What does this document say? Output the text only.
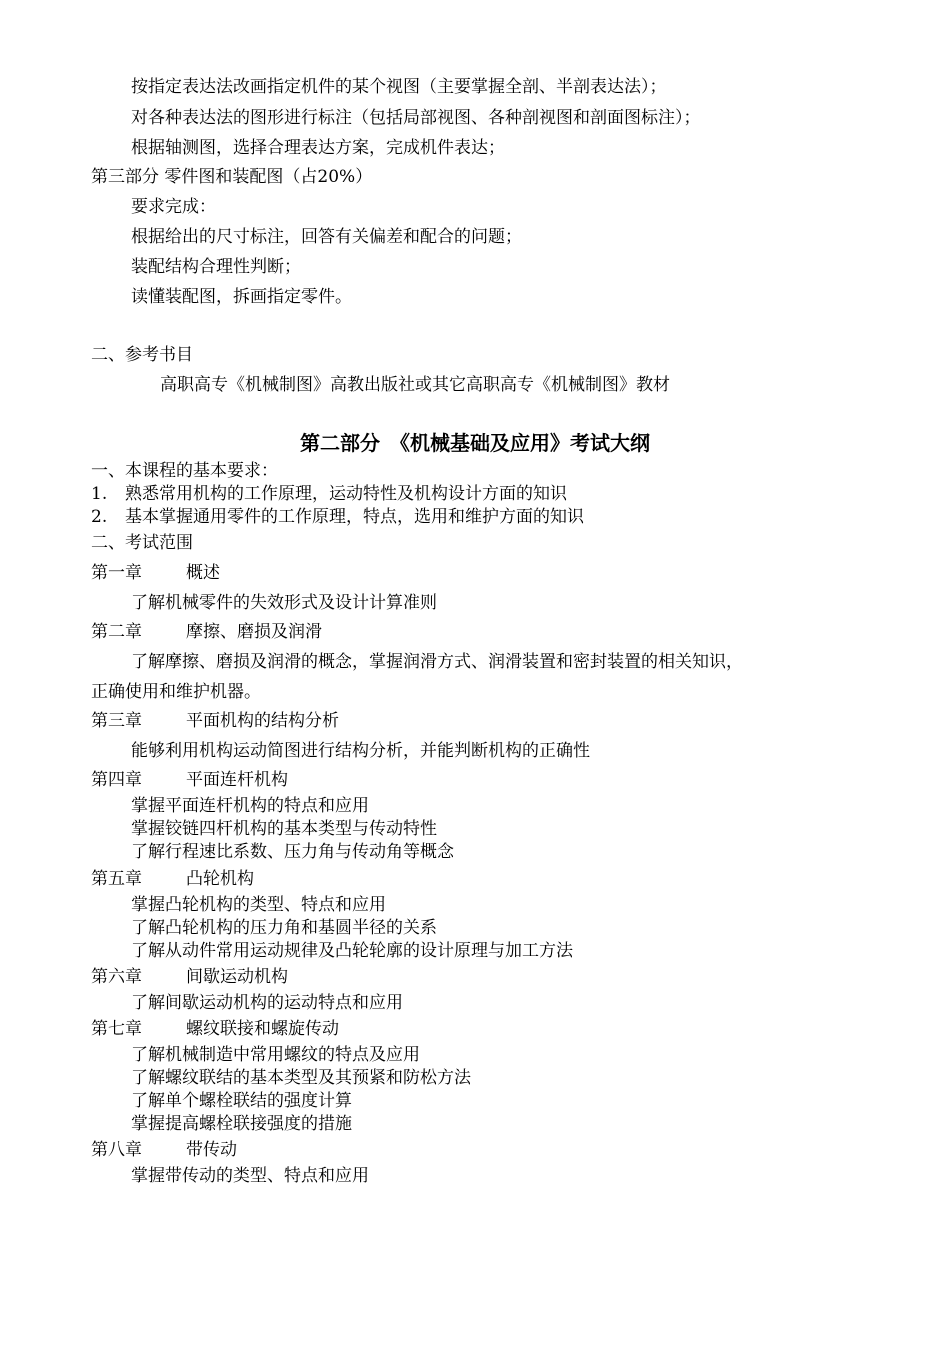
按指定表达法改画指定机件的某个视图（主要掌握全剖、半剖表达法）；
对各种表达法的图形进行标注（包括局部视图、各种剖视图和剖面图标注）；
根据轴测图，选择合理表达方案，完成机件表达；
第三部分 零件图和装配图（占20%）
要求完成：
根据给出的尺寸标注，回答有关偏差和配合的问题；
装配结构合理性判断；
读懂装配图，拆画指定零件。
二、参考书目
高职高专《机械制图》高教出版社或其它高职高专《机械制图》教材
第二部分　《机械基础及应用》考试大纲
一、本课程的基本要求：
1. 熟悉常用机构的工作原理，运动特性及机构设计方面的知识
2. 基本掌握通用零件的工作原理，特点，选用和维护方面的知识
二、考试范围
第一章	概述
了解机械零件的失效形式及设计计算准则
第二章	摩擦、磨损及润滑
了解摩擦、磨损及润滑的概念，掌握润滑方式、润滑装置和密封装置的相关知识，
正确使用和维护机器。
第三章	平面机构的结构分析
能够利用机构运动简图进行结构分析，并能判断机构的正确性
第四章	平面连杆机构
掌握平面连杆机构的特点和应用
掌握铰链四杆机构的基本类型与传动特性
了解行程速比系数、压力角与传动角等概念
第五章	凸轮机构
掌握凸轮机构的类型、特点和应用
了解凸轮机构的压力角和基圆半径的关系
了解从动件常用运动规律及凸轮轮廓的设计原理与加工方法
第六章	间歇运动机构
了解间歇运动机构的运动特点和应用
第七章	螺纹联接和螺旋传动
了解机械制造中常用螺纹的特点及应用
了解螺纹联结的基本类型及其预紧和防松方法
了解单个螺栓联结的强度计算
掌握提高螺栓联接强度的措施
第八章	带传动
掌握带传动的类型、特点和应用
